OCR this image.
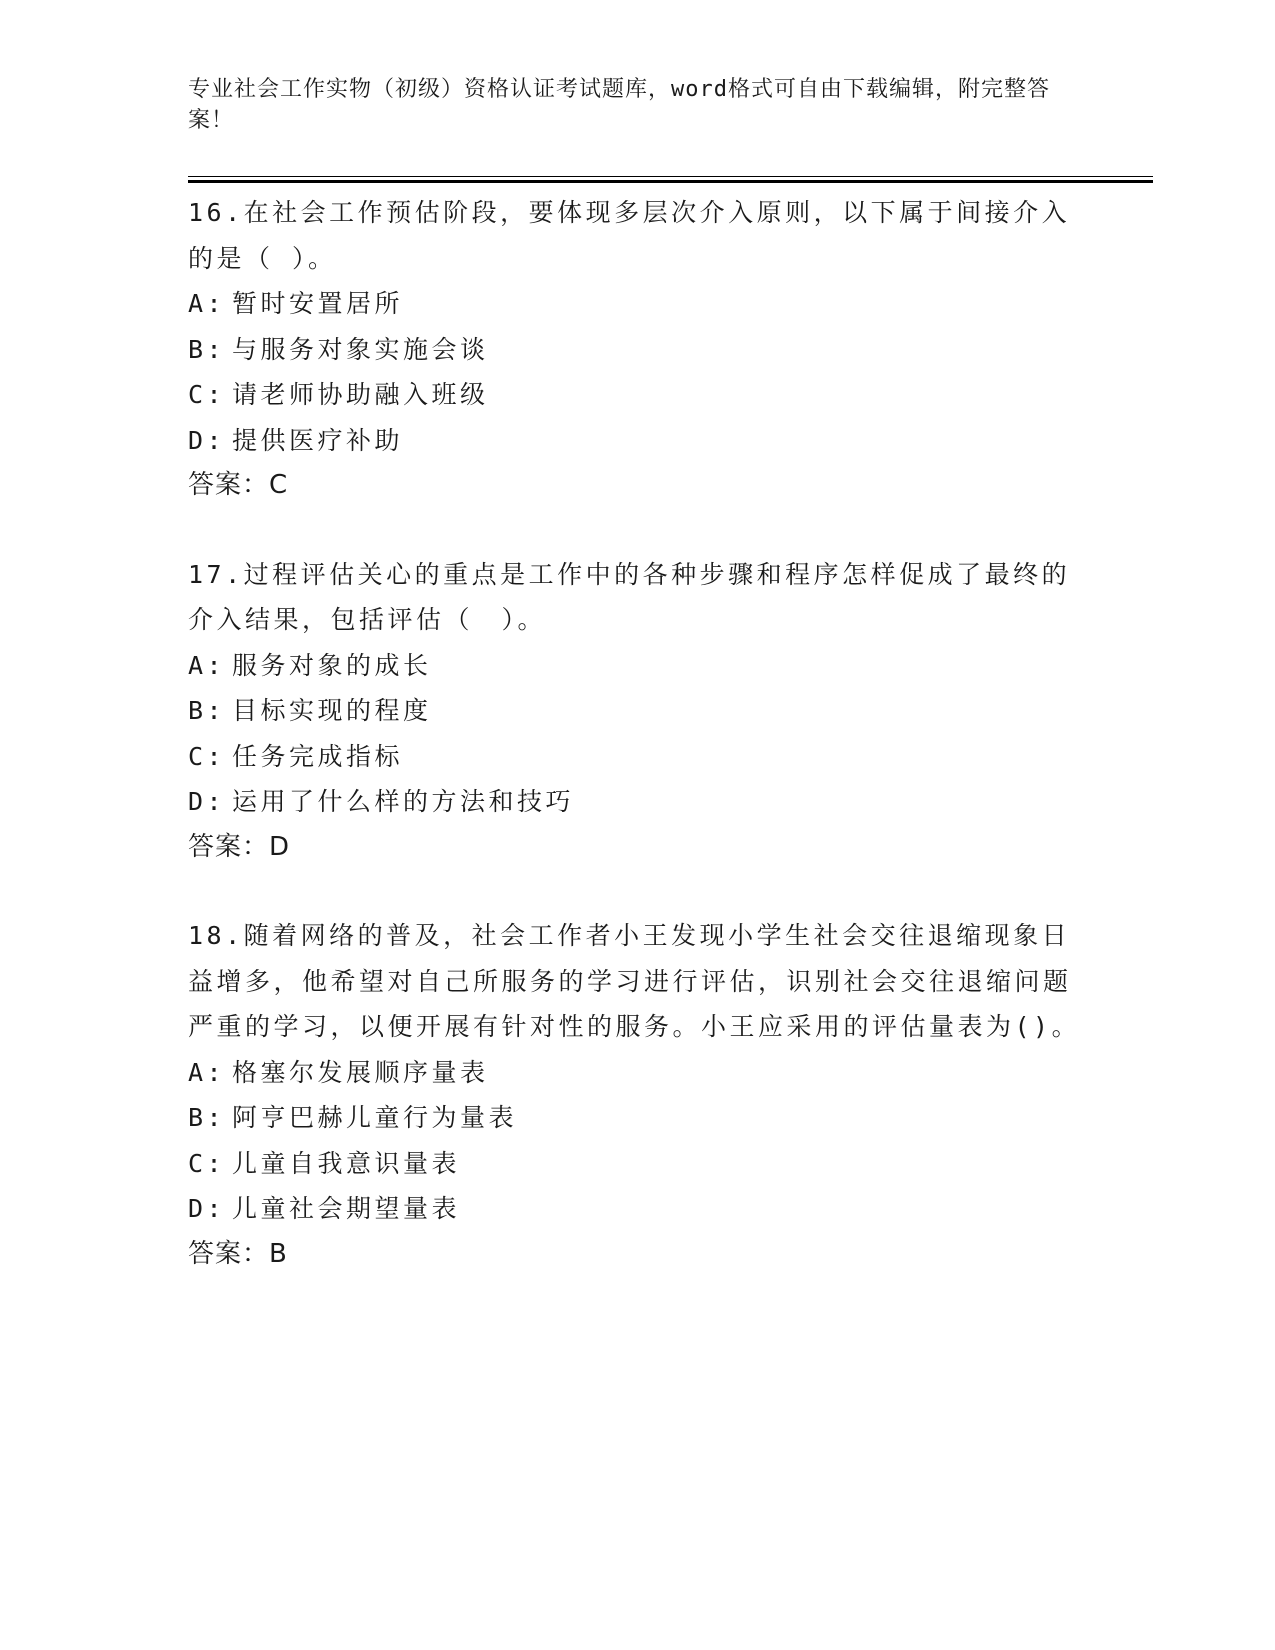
专业社会工作实物（初级）资格认证考试题库，word格式可自由下载编辑，附完整答案！

16.在社会工作预估阶段，要体现多层次介入原则，以下属于间接介入的是（ ）。

A: 暂时安置居所
B: 与服务对象实施会谈
C: 请老师协助融入班级
D: 提供医疗补助

答案：C

17.过程评估关心的重点是工作中的各种步骤和程序怎样促成了最终的介入结果，包括评估（　）。

A: 服务对象的成长
B: 目标实现的程度
C: 任务完成指标
D: 运用了什么样的方法和技巧

答案：D

18.随着网络的普及，社会工作者小王发现小学生社会交往退缩现象日益增多，他希望对自己所服务的学习进行评估，识别社会交往退缩问题严重的学习，以便开展有针对性的服务。小王应采用的评估量表为()。

A: 格塞尔发展顺序量表
B: 阿亨巴赫儿童行为量表
C: 儿童自我意识量表
D: 儿童社会期望量表

答案：B
